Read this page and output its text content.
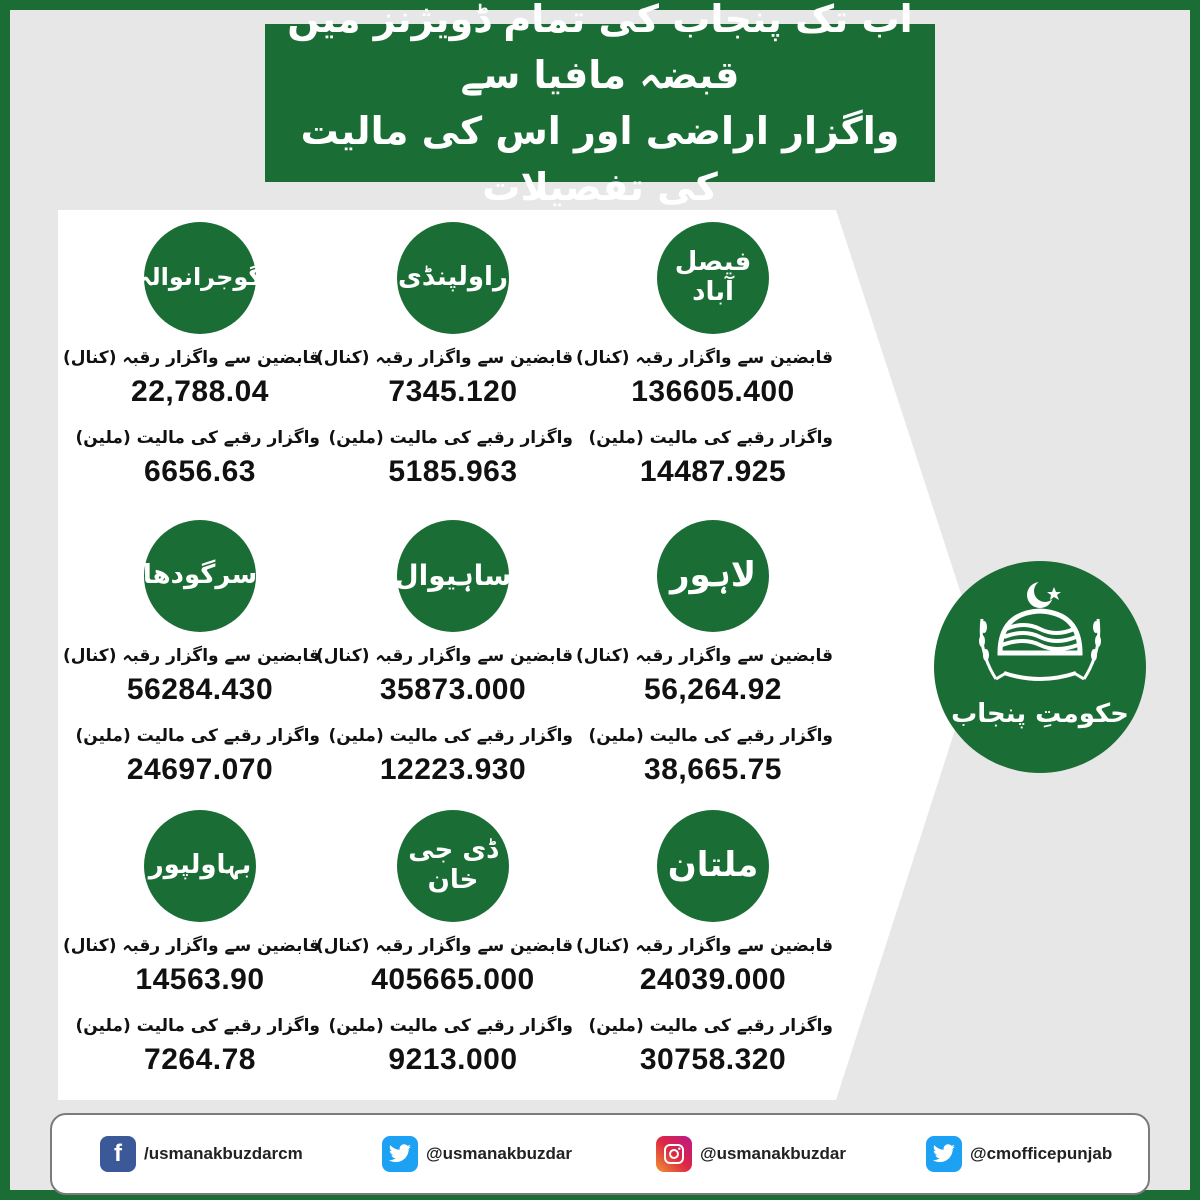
اب تک پنجاب کی تمام ڈویژنز میں قبضہ مافیا سے
واگزار اراضی اور اس کی مالیت کی تفصیلات
فیصل آباد
قابضین سے واگزار رقبہ (کنال)
136605.400
واگزار رقبے کی مالیت (ملین)
14487.925
راولپنڈی
قابضین سے واگزار رقبہ (کنال)
7345.120
واگزار رقبے کی مالیت (ملین)
5185.963
گوجرانوالہ
قابضین سے واگزار رقبہ (کنال)
22,788.04
واگزار رقبے کی مالیت (ملین)
6656.63
لاہور
قابضین سے واگزار رقبہ (کنال)
56,264.92
واگزار رقبے کی مالیت (ملین)
38,665.75
ساہیوال
قابضین سے واگزار رقبہ (کنال)
35873.000
واگزار رقبے کی مالیت (ملین)
12223.930
سرگودھا
قابضین سے واگزار رقبہ (کنال)
56284.430
واگزار رقبے کی مالیت (ملین)
24697.070
ملتان
قابضین سے واگزار رقبہ (کنال)
24039.000
واگزار رقبے کی مالیت (ملین)
30758.320
ڈی جی خان
قابضین سے واگزار رقبہ (کنال)
405665.000
واگزار رقبے کی مالیت (ملین)
9213.000
بہاولپور
قابضین سے واگزار رقبہ (کنال)
14563.90
واگزار رقبے کی مالیت (ملین)
7264.78
حکومتِ پنجاب
f /usmanakbuzdarcm	@usmanakbuzdar	@usmanakbuzdar	@cmofficepunjab
